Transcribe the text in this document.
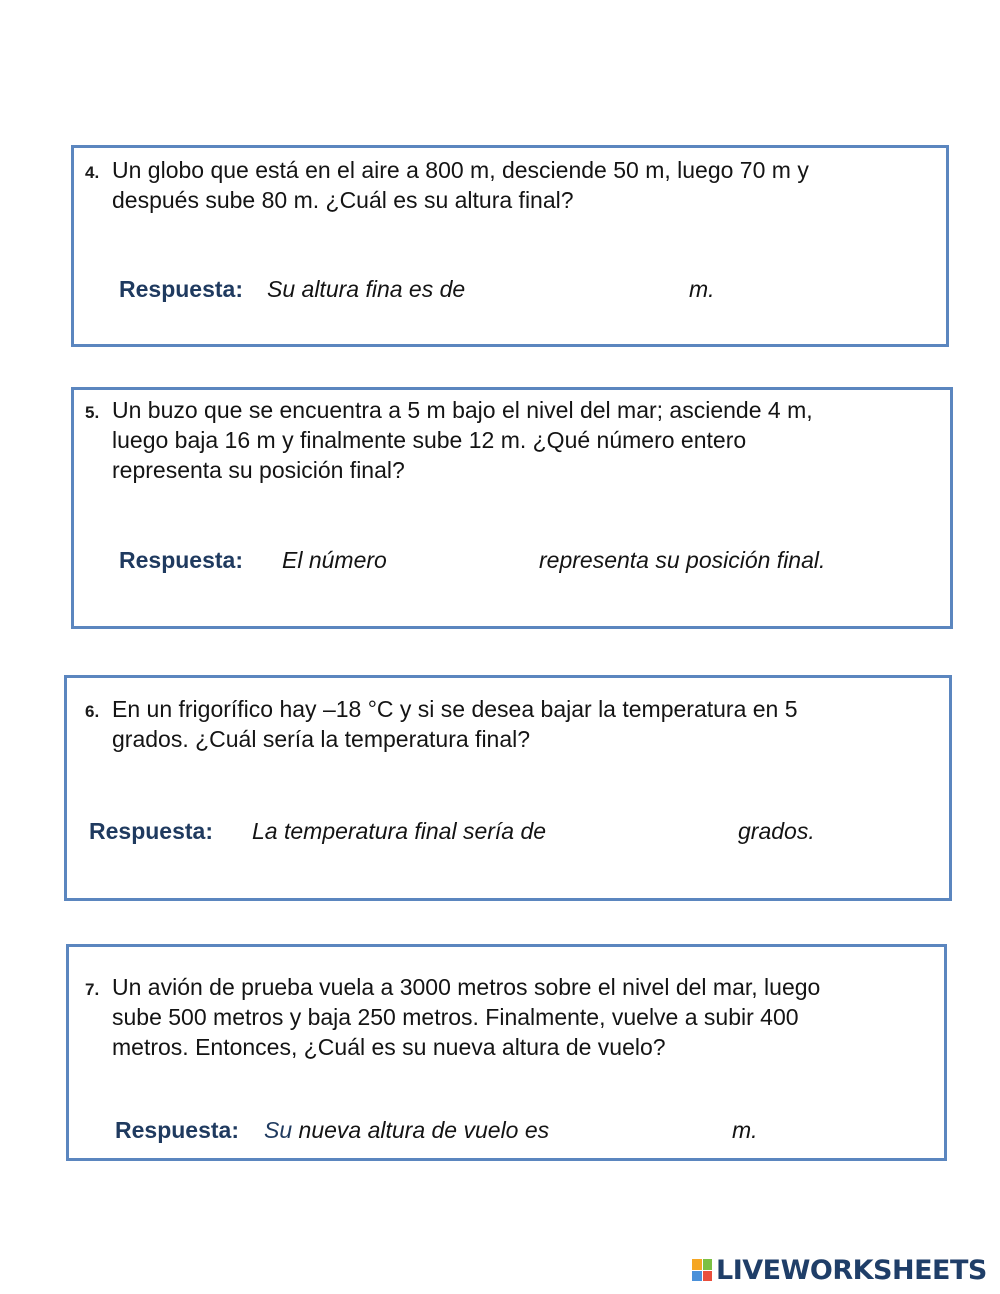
4. Un globo que está en el aire a 800 m, desciende 50 m, luego 70 m y
después sube 80 m. ¿Cuál es su altura final?
Respuesta: Su altura fina es de	m.
5. Un buzo que se encuentra a 5 m bajo el nivel del mar; asciende 4 m,
luego baja 16 m y finalmente sube 12 m. ¿Qué número entero
representa su posición final?
Respuesta: El número	representa su posición final.
6. En un frigorífico hay –18 °C y si se desea bajar la temperatura en 5
grados. ¿Cuál sería la temperatura final?
Respuesta: La temperatura final sería de	grados.
7. Un avión de prueba vuela a 3000 metros sobre el nivel del mar, luego
sube 500 metros y baja 250 metros. Finalmente, vuelve a subir 400
metros. Entonces, ¿Cuál es su nueva altura de vuelo?
Respuesta: Su nueva altura de vuelo es	m.
LIVEWORKSHEETS
